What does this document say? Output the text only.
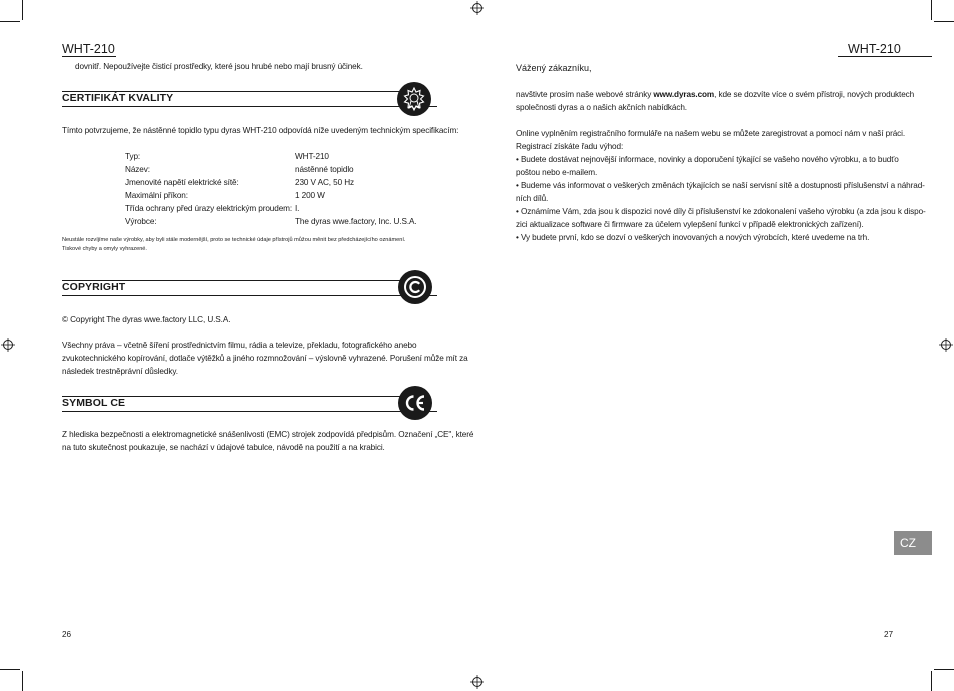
WHT-210
dovnitř. Nepoužívejte čisticí prostředky, které jsou hrubé nebo mají brusný účinek.
CERTIFIKÁT KVALITY
Tímto potvrzujeme, že nástěnné topidlo typu dyras WHT-210 odpovídá níže uvedeným technickým specifikacím:
Typ:	WHT-210
Název:	nástěnné topidlo
Jmenovité napětí elektrické sítě:	230 V AC, 50 Hz
Maximální příkon:	1 200 W
Třída ochrany před úrazy elektrickým proudem: I.
Výrobce:	The dyras wwe.factory, Inc. U.S.A.
Neustále rozvíjíme naše výrobky, aby byli stále modernější, proto se technické údaje přístrojů můžou měnit bez předcházejícího oznámení.
Tiskové chyby a omyly vyhrazené.
COPYRIGHT
© Copyright The dyras wwe.factory LLC, U.S.A.
Všechny práva – včetně šíření prostřednictvím filmu, rádia a televize, překladu, fotografického anebo
zvukotechnického kopírování, dotlače výtěžků a jiného rozmnožování – výslovně vyhrazené. Porušení může mít za
následek trestněprávní důsledky.
SYMBOL CE
Z hlediska bezpečnosti a elektromagnetické snášenlivosti (EMC) strojek zodpovídá předpisům. Označení „CE", které
na tuto skutečnost poukazuje, se nachází v údajové tabulce, návodě na použití a na krabici.
26
WHT-210
Vážený zákazníku,
navštivte prosím naše webové stránky www.dyras.com, kde se dozvíte více o svém přístroji, nových produktech
společnosti dyras a o našich akčních nabídkách.
Online vyplněním registračního formuláře na našem webu se můžete zaregistrovat a pomocí nám v naší práci.
Registrací získáte řadu výhod:
• Budete dostávat nejnovější informace, novinky a doporučení týkající se vašeho nového výrobku, a to budťo
poštou nebo e-mailem.
• Budeme vás informovat o veškerých změnách týkajících se naší servisní sítě a dostupnosti příslušenství a náhrad-
ních dílů.
• Oznámíme Vám, zda jsou k dispozici nové díly či příslušenství ke zdokonalení vašeho výrobku (a zda jsou k dispo-
zici aktualizace software či firmware za účelem vylepšení funkcí v případě elektronických zařízení).
• Vy budete první, kdo se dozví o veškerých inovovaných a nových výrobcích, které uvedeme na trh.
CZ
27
